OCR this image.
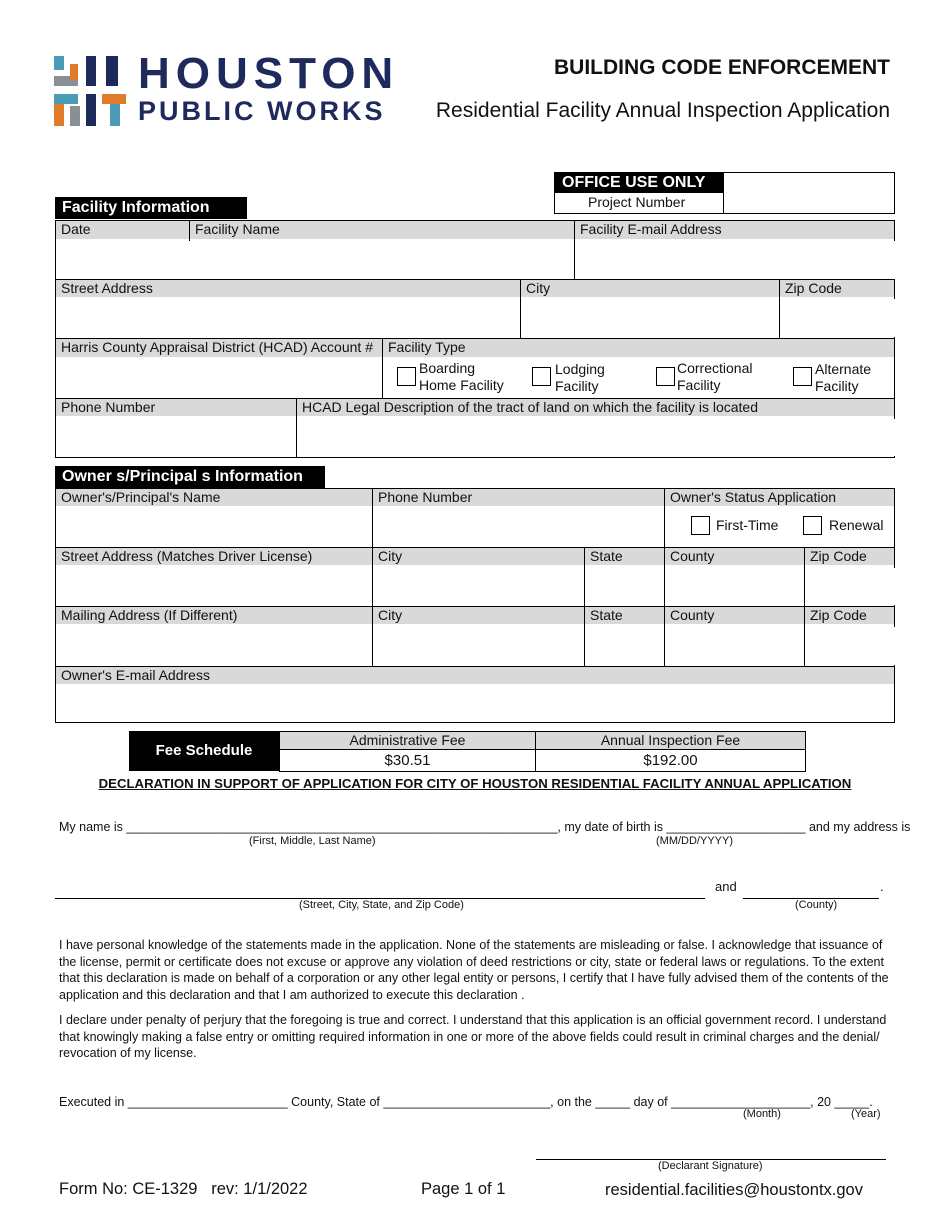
HOUSTON
PUBLIC WORKS
BUILDING CODE ENFORCEMENT
Residential Facility Annual Inspection Application
OFFICE USE ONLY
Project Number
Facility Information
Date	Facility Name	Facility E-mail Address
Street Address	City	Zip Code
Harris County Appraisal District (HCAD) Account #	Facility Type
Boarding
Home Facility
Lodging
Facility
Correctional
Facility
Alternate
Facility
Phone Number	HCAD Legal Description of the tract of land on which the facility is located
Owner s/Principal s Information
Owner's/Principal's Name	Phone Number	Owner's Status Application
First-Time	Renewal
Street Address (Matches Driver License)	City	State	County	Zip Code
Mailing Address (If Different)	City	State	County	Zip Code
Owner's E-mail Address
Fee Schedule
Administrative Fee	Annual Inspection Fee
$30.51	$192.00
DECLARATION IN SUPPORT OF APPLICATION FOR CITY OF HOUSTON RESIDENTIAL FACILITY ANNUAL APPLICATION
My name is ______________________________________________________________, my date of birth is ____________________ and my address is
(First, Middle, Last Name)	(MM/DD/YYYY)
and	.
(Street, City, State, and Zip Code)	(County)
I have personal knowledge of the statements made in the application. None of the statements are misleading or false. I acknowledge that issuance of the license, permit or certificate does not excuse or approve any violation of deed restrictions or city, state or federal laws or regulations. To the extent that this declaration is made on behalf of a corporation or any other legal entity or persons, I certify that I have fully advised them of the contents of the application and this declaration and that I am authorized to execute this declaration .
I declare under penalty of perjury that the foregoing is true and correct. I understand that this application is an official government record. I understand that knowingly making a false entry or omitting required information in one or more of the above fields could result in criminal charges and the denial/ revocation of my license.
Executed in _______________________ County, State of ________________________, on the _____ day of ____________________, 20 _____.
(Month)	(Year)
(Declarant Signature)
Form No: CE-1329   rev: 1/1/2022	Page 1 of 1	residential.facilities@houstontx.gov
